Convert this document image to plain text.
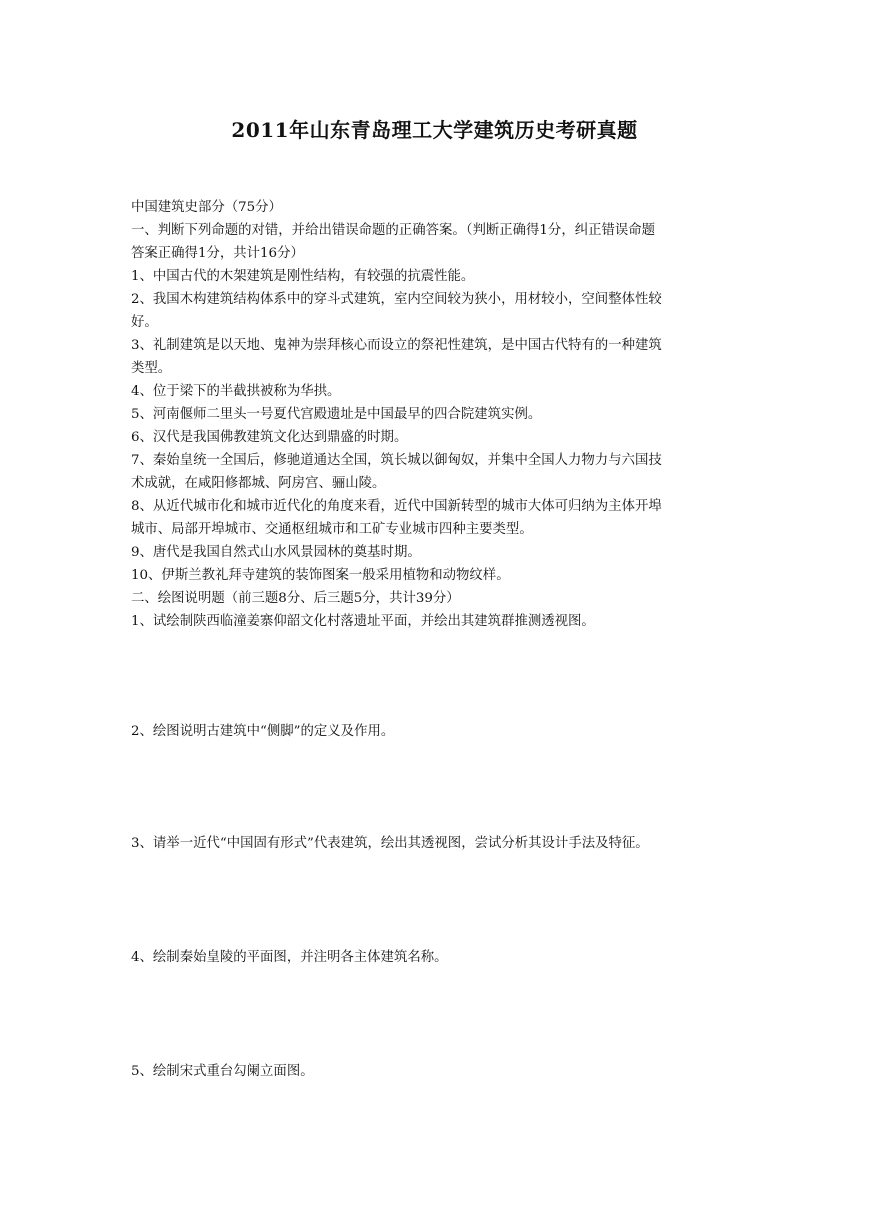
2011年山东青岛理工大学建筑历史考研真题
中国建筑史部分（75分）
一、判断下列命题的对错，并给出错误命题的正确答案。（判断正确得1分，纠正错误命题
答案正确得1分，共计16分）
1、中国古代的木架建筑是刚性结构，有较强的抗震性能。
2、我国木构建筑结构体系中的穿斗式建筑，室内空间较为狭小，用材较小，空间整体性较
好。
3、礼制建筑是以天地、鬼神为崇拜核心而设立的祭祀性建筑，是中国古代特有的一种建筑
类型。
4、位于梁下的半截拱被称为华拱。
5、河南偃师二里头一号夏代宫殿遗址是中国最早的四合院建筑实例。
6、汉代是我国佛教建筑文化达到鼎盛的时期。
7、秦始皇统一全国后，修驰道通达全国，筑长城以御匈奴，并集中全国人力物力与六国技
术成就，在咸阳修都城、阿房宫、骊山陵。
8、从近代城市化和城市近代化的角度来看，近代中国新转型的城市大体可归纳为主体开埠
城市、局部开埠城市、交通枢纽城市和工矿专业城市四种主要类型。
9、唐代是我国自然式山水风景园林的奠基时期。
10、伊斯兰教礼拜寺建筑的装饰图案一般采用植物和动物纹样。
二、绘图说明题（前三题8分、后三题5分，共计39分）
1、试绘制陕西临潼姜寨仰韶文化村落遗址平面，并绘出其建筑群推测透视图。
2、绘图说明古建筑中“侧脚”的定义及作用。
3、请举一近代“中国固有形式”代表建筑，绘出其透视图，尝试分析其设计手法及特征。
4、绘制秦始皇陵的平面图，并注明各主体建筑名称。
5、绘制宋式重台勾阑立面图。
